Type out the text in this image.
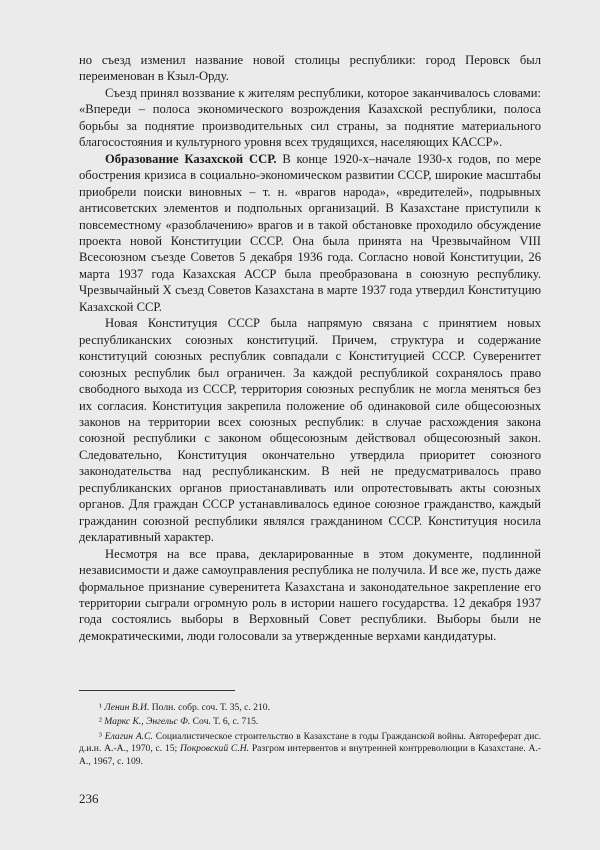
но съезд изменил название новой столицы республики: город Перовск был переименован в Кзыл-Орду.

Съезд принял воззвание к жителям республики, которое заканчивалось словами: «Впереди – полоса экономического возрождения Казахской республики, полоса борьбы за поднятие производительных сил страны, за поднятие материального благосостояния и культурного уровня всех трудящихся, населяющих КАССР».

Образование Казахской ССР. В конце 1920-х–начале 1930-х годов, по мере обострения кризиса в социально-экономическом развитии СССР, широкие масштабы приобрели поиски виновных – т. н. «врагов народа», «вредителей», подрывных антисоветских элементов и подпольных организаций. В Казахстане приступили к повсеместному «разоблачению» врагов и в такой обстановке проходило обсуждение проекта новой Конституции СССР. Она была принята на Чрезвычайном VIII Всесоюзном съезде Советов 5 декабря 1936 года. Согласно новой Конституции, 26 марта 1937 года Казахская АССР была преобразована в союзную республику. Чрезвычайный X съезд Советов Казахстана в марте 1937 года утвердил Конституцию Казахской ССР.

Новая Конституция СССР была напрямую связана с принятием новых республиканских союзных конституций. Причем, структура и содержание конституций союзных республик совпадали с Конституцией СССР. Суверенитет союзных республик был ограничен. За каждой республикой сохранялось право свободного выхода из СССР, территория союзных республик не могла меняться без их согласия. Конституция закрепила положение об одинаковой силе общесоюзных законов на территории всех союзных республик: в случае расхождения закона союзной республики с законом общесоюзным действовал общесоюзный закон. Следовательно, Конституция окончательно утвердила приоритет союзного законодательства над республиканским. В ней не предусматривалось право республиканских органов приостанавливать или опротестовывать акты союзных органов. Для граждан СССР устанавливалось единое союзное гражданство, каждый гражданин союзной республики являлся гражданином СССР. Конституция носила декларативный характер.

Несмотря на все права, декларированные в этом документе, подлинной независимости и даже самоуправления республика не получила. И все же, пусть даже формальное признание суверенитета Казахстана и законодательное закрепление его территории сыграли огромную роль в истории нашего государства. 12 декабря 1937 года состоялись выборы в Верховный Совет республики. Выборы были не демократическими, люди голосовали за утвержденные верхами кандидатуры.

¹ Ленин В.И. Полн. собр. соч. Т. 35, с. 210.

² Маркс К., Энгельс Ф. Соч. Т. 6, с. 715.

³ Елагин А.С. Социалистическое строительство в Казахстане в годы Гражданской войны. Автореферат дис. д.и.н. А.-А., 1970, с. 15; Покровский С.Н. Разгром интервентов и внутренней контрреволюции в Казахстане. А.-А., 1967, с. 109.

236
